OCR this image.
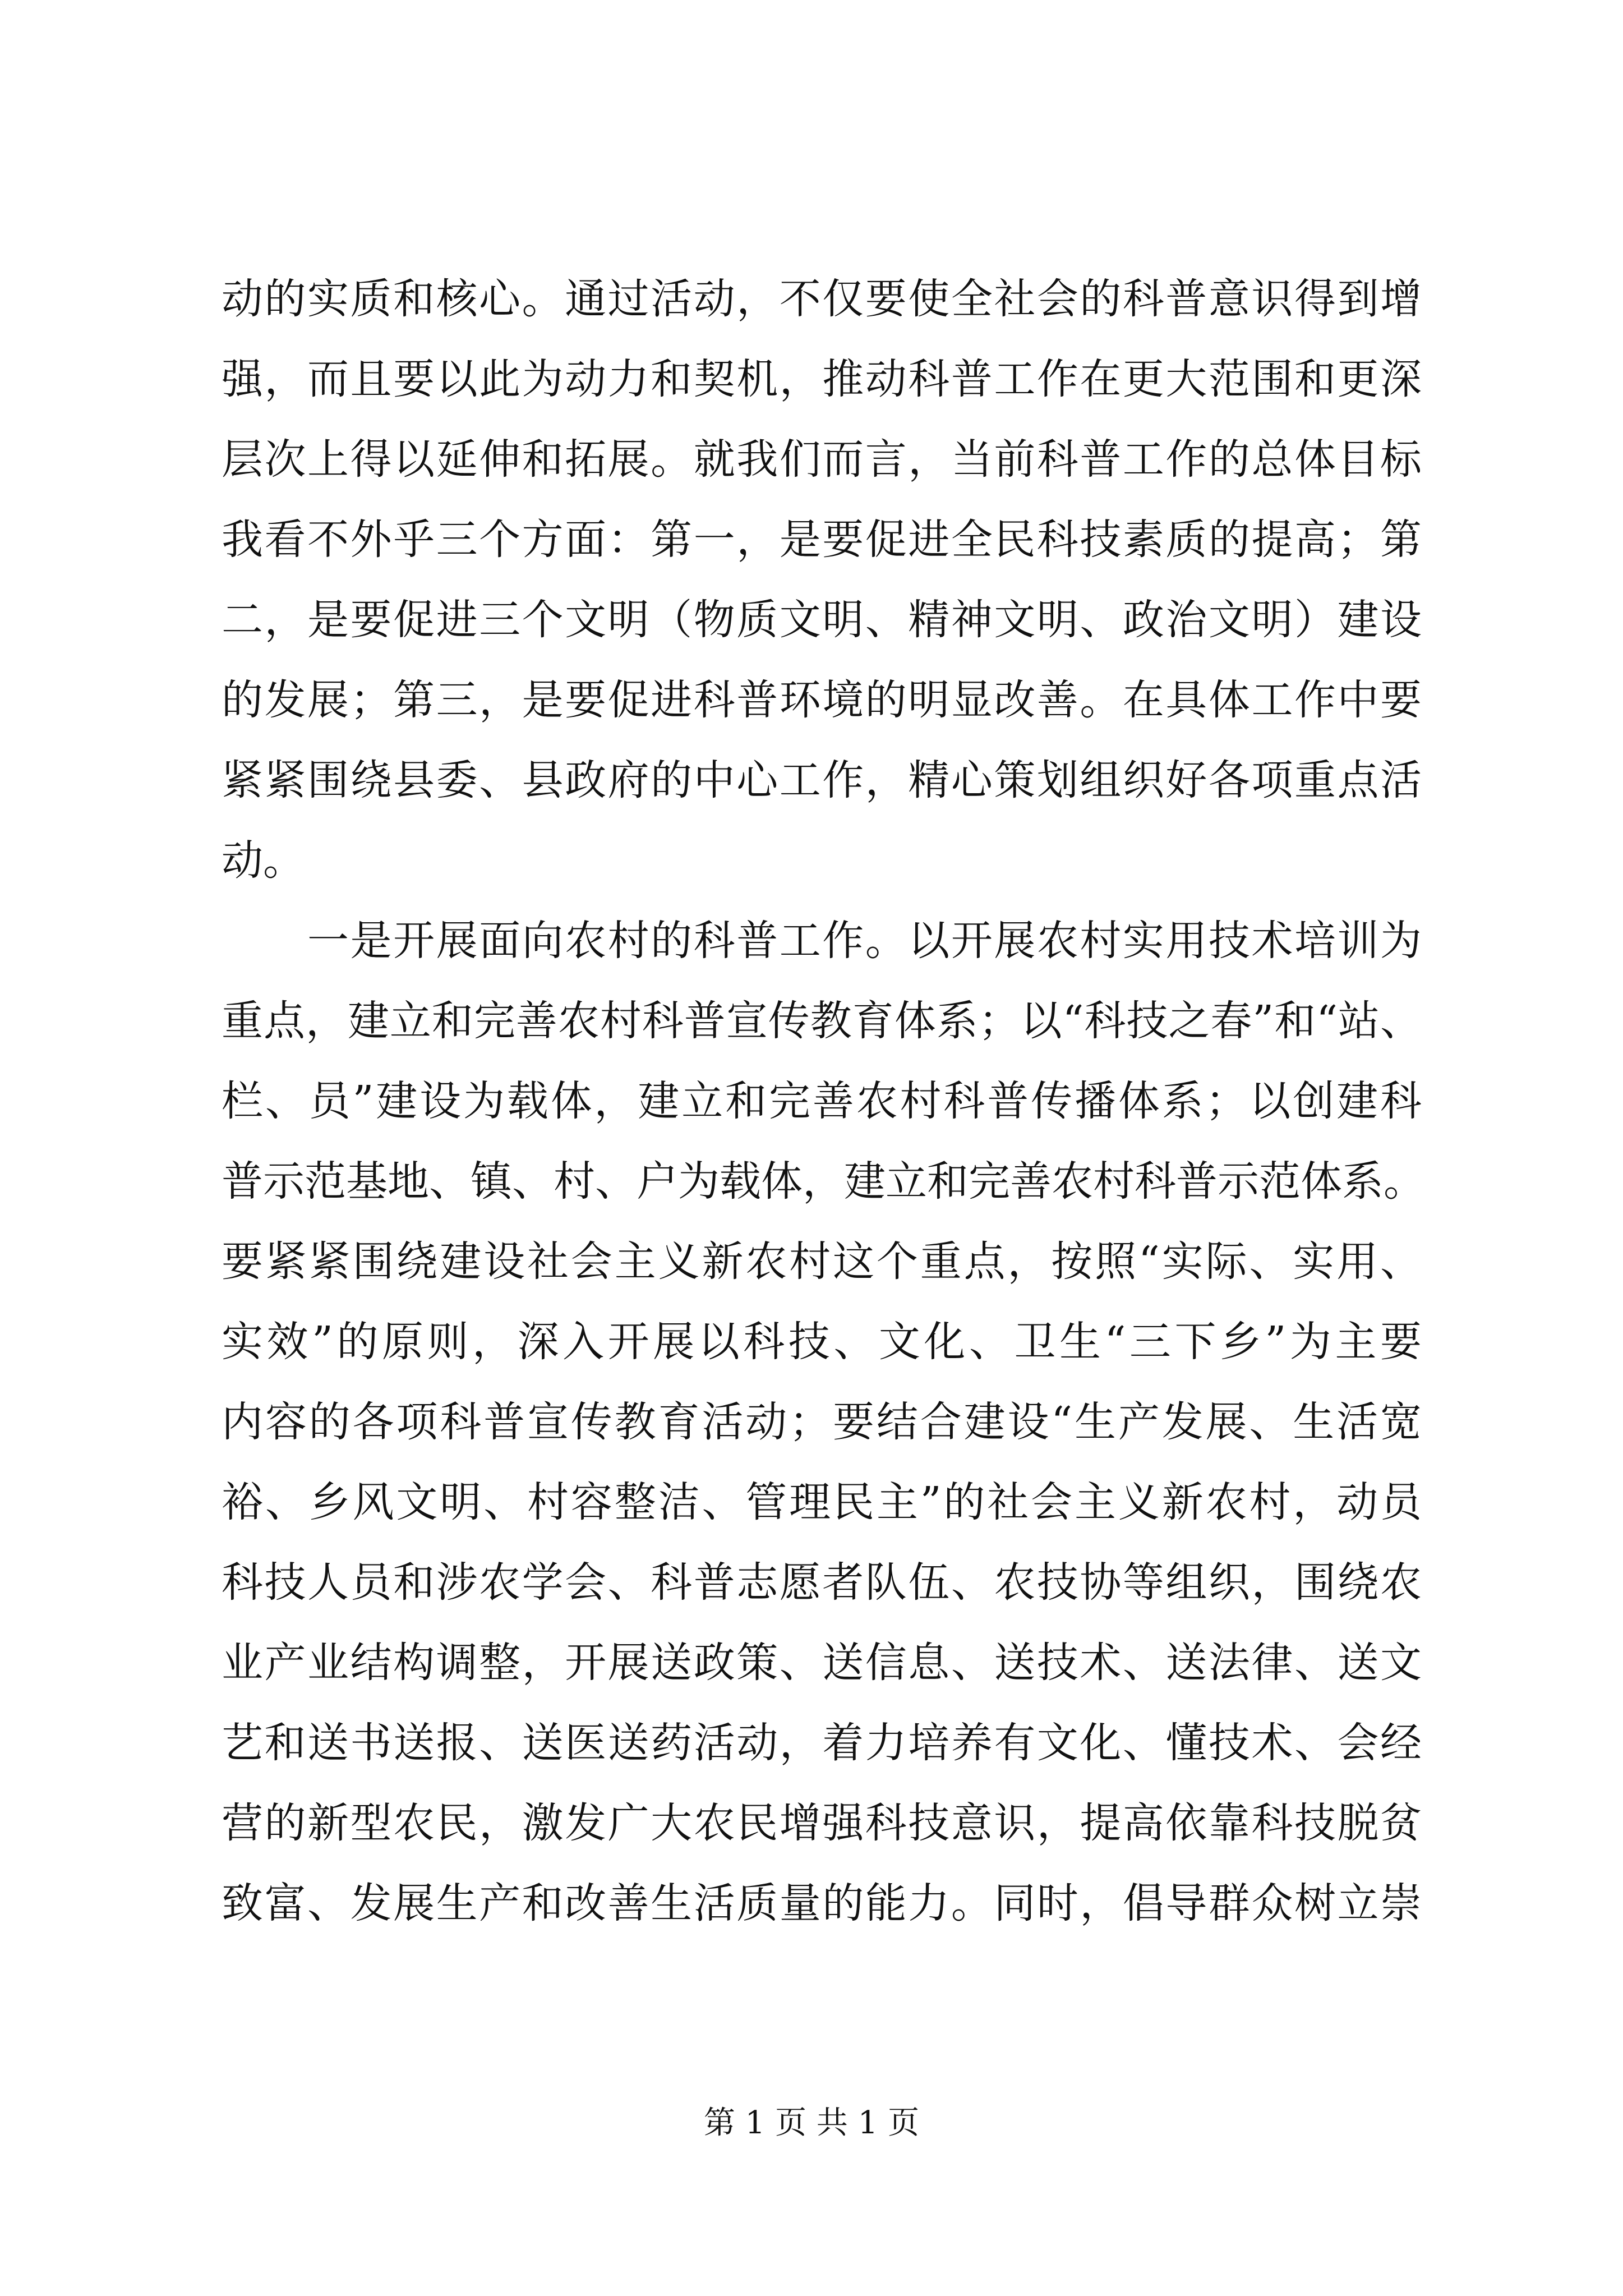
动的实质和核心。通过活动，不仅要使全社会的科普意识得到增
强，而且要以此为动力和契机，推动科普工作在更大范围和更深
层次上得以延伸和拓展。就我们而言，当前科普工作的总体目标
我看不外乎三个方面：第一，是要促进全民科技素质的提高；第
二，是要促进三个文明（物质文明、精神文明、政治文明）建设
的发展；第三，是要促进科普环境的明显改善。在具体工作中要
紧紧围绕县委、县政府的中心工作，精心策划组织好各项重点活
动。
　　一是开展面向农村的科普工作。以开展农村实用技术培训为
重点，建立和完善农村科普宣传教育体系；以“科技之春”和“站、
栏、员”建设为载体，建立和完善农村科普传播体系；以创建科
普示范基地、镇、村、户为载体，建立和完善农村科普示范体系。
要紧紧围绕建设社会主义新农村这个重点，按照“实际、实用、
实效”的原则，深入开展以科技、文化、卫生“三下乡”为主要
内容的各项科普宣传教育活动；要结合建设“生产发展、生活宽
裕、乡风文明、村容整洁、管理民主”的社会主义新农村，动员
科技人员和涉农学会、科普志愿者队伍、农技协等组织，围绕农
业产业结构调整，开展送政策、送信息、送技术、送法律、送文
艺和送书送报、送医送药活动，着力培养有文化、懂技术、会经
营的新型农民，激发广大农民增强科技意识，提高依靠科技脱贫
致富、发展生产和改善生活质量的能力。同时，倡导群众树立崇
第 1 页 共 1 页
